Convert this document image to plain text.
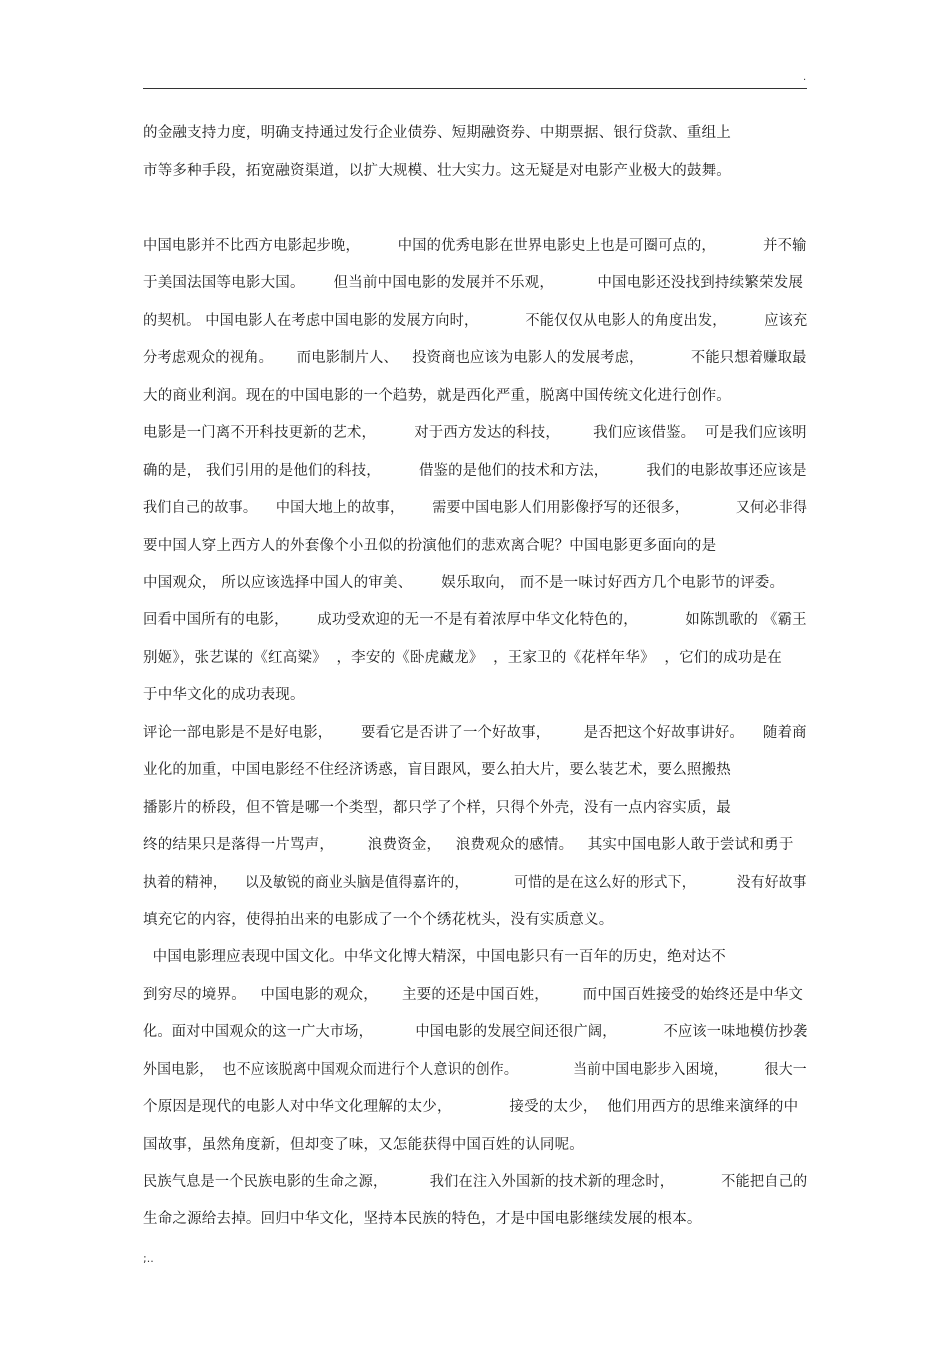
.
的金融支持力度，明确支持通过发行企业债券、短期融资券、中期票据、银行贷款、重组上
市等多种手段，拓宽融资渠道，以扩大规模、壮大实力。这无疑是对电影产业极大的鼓舞。
中国电影并不比西方电影起步晚，        中国的优秀电影在世界电影史上也是可圈可点的，          并不输
于美国法国等电影大国。      但当前中国电影的发展并不乐观，         中国电影还没找到持续繁荣发展
的契机。 中国电影人在考虑中国电影的发展方向时，          不能仅仅从电影人的角度出发，        应该充
分考虑观众的视角。     而电影制片人、   投资商也应该为电影人的发展考虑，          不能只想着赚取最
大的商业利润。现在的中国电影的一个趋势，就是西化严重，脱离中国传统文化进行创作。
电影是一门离不开科技更新的艺术，        对于西方发达的科技，       我们应该借鉴。  可是我们应该明
确的是， 我们引用的是他们的科技，        借鉴的是他们的技术和方法，        我们的电影故事还应该是
我们自己的故事。    中国大地上的故事，      需要中国电影人们用影像抒写的还很多，          又何必非得
要中国人穿上西方人的外套像个小丑似的扮演他们的悲欢离合呢？中国电影更多面向的是
中国观众， 所以应该选择中国人的审美、      娱乐取向， 而不是一味讨好西方几个电影节的评委。
回看中国所有的电影，      成功受欢迎的无一不是有着浓厚中华文化特色的，          如陈凯歌的 《霸王
别姬》，张艺谋的《红高粱》  ，李安的《卧虎藏龙》  ，王家卫的《花样年华》  ，它们的成功是在
于中华文化的成功表现。
评论一部电影是不是好电影，      要看它是否讲了一个好故事，       是否把这个好故事讲好。    随着商
业化的加重，中国电影经不住经济诱惑，盲目跟风，要么拍大片，要么装艺术，要么照搬热
播影片的桥段，但不管是哪一个类型，都只学了个样，只得个外壳，没有一点内容实质，最
终的结果只是落得一片骂声，       浪费资金，   浪费观众的感情。   其实中国电影人敢于尝试和勇于
执着的精神，    以及敏锐的商业头脑是值得嘉许的，          可惜的是在这么好的形式下，         没有好故事
填充它的内容，使得拍出来的电影成了一个个绣花枕头，没有实质意义。
中国电影理应表现中国文化。中华文化博大精深，中国电影只有一百年的历史，绝对达不
到穷尽的境界。   中国电影的观众，     主要的还是中国百姓，       而中国百姓接受的始终还是中华文
化。面对中国观众的这一广大市场，         中国电影的发展空间还很广阔，          不应该一味地模仿抄袭
外国电影，  也不应该脱离中国观众而进行个人意识的创作。            当前中国电影步入困境，        很大一
个原因是现代的电影人对中华文化理解的太少，            接受的太少，  他们用西方的思维来演绎的中
国故事，虽然角度新，但却变了味，又怎能获得中国百姓的认同呢。
民族气息是一个民族电影的生命之源，         我们在注入外国新的技术新的理念时，          不能把自己的
生命之源给去掉。回归中华文化，坚持本民族的特色，才是中国电影继续发展的根本。
;..
